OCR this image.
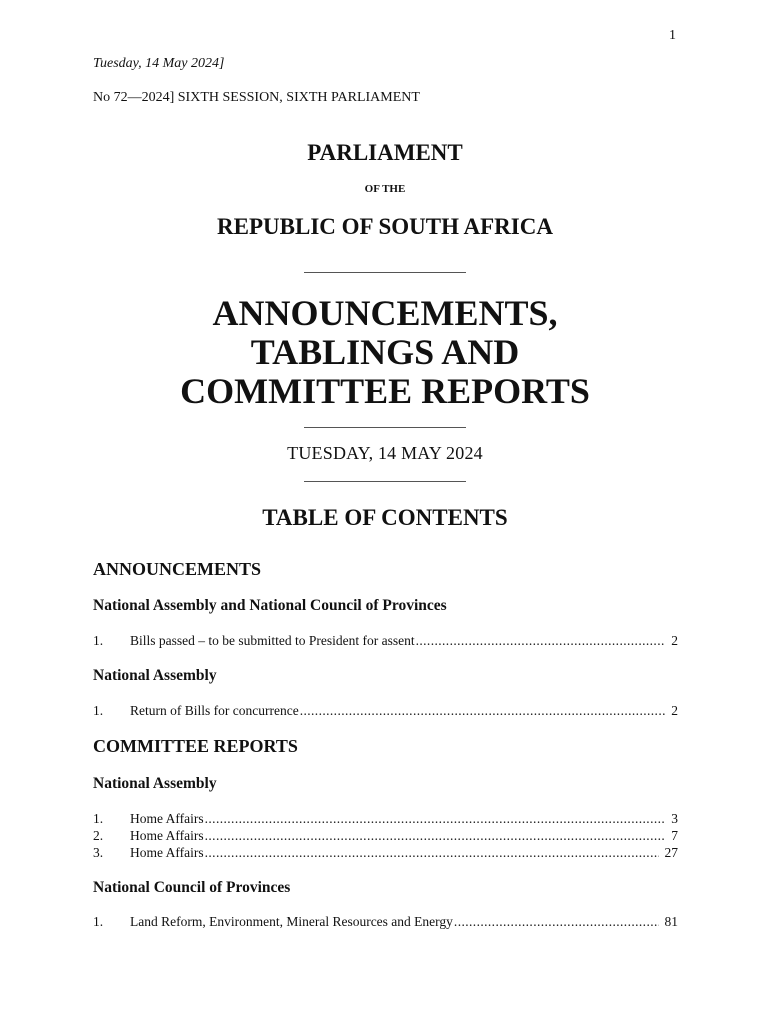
1
Tuesday, 14 May 2024]
No 72—2024] SIXTH SESSION, SIXTH PARLIAMENT
PARLIAMENT
OF THE
REPUBLIC OF SOUTH AFRICA
ANNOUNCEMENTS,
TABLINGS AND
COMMITTEE REPORTS
TUESDAY, 14 MAY 2024
TABLE OF CONTENTS
ANNOUNCEMENTS
National Assembly and National Council of Provinces
1.	Bills passed – to be submitted to President for assent .....	2
National Assembly
1.	Return of Bills for concurrence .....	2
COMMITTEE REPORTS
National Assembly
1.	Home Affairs .....	3
2.	Home Affairs .....	7
3.	Home Affairs .....	27
National Council of Provinces
1.	Land Reform, Environment, Mineral Resources and Energy .....	81
